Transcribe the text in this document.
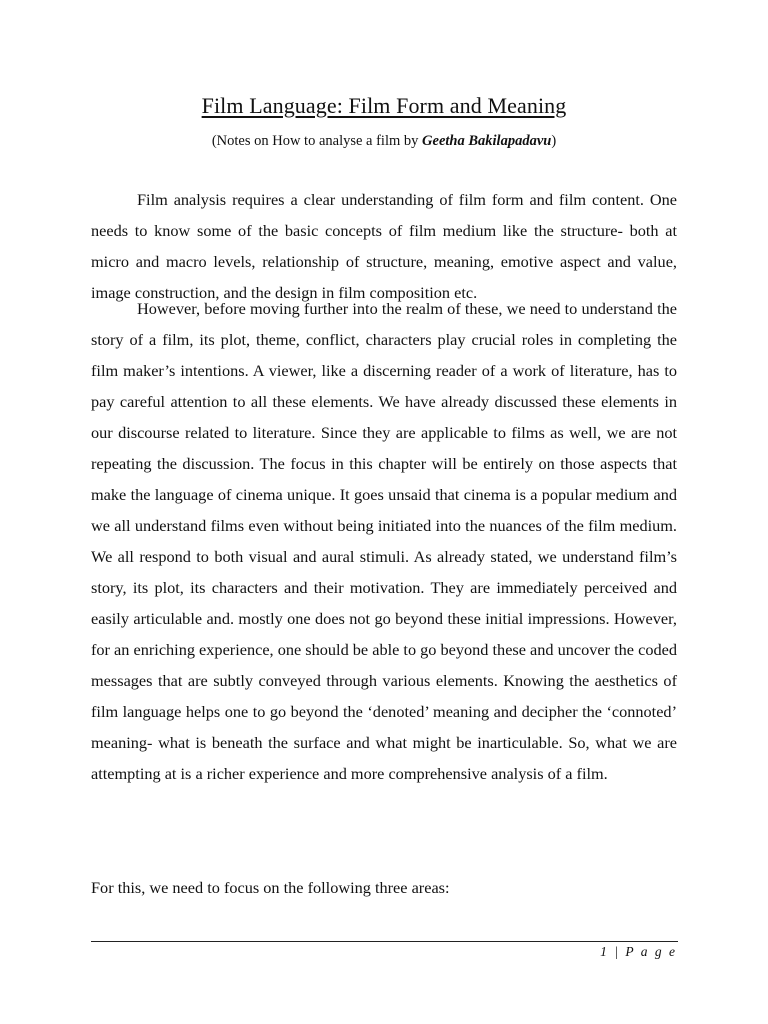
Film Language: Film Form and Meaning
(Notes on How to analyse a film by Geetha Bakilapadavu)

Film analysis requires a clear understanding of film form and film content. One needs to know some of the basic concepts of film medium like the structure- both at micro and macro levels, relationship of structure, meaning, emotive aspect and value, image construction, and the design in film composition etc.

However, before moving further into the realm of these, we need to understand the story of a film, its plot, theme, conflict, characters play crucial roles in completing the film maker’s intentions. A viewer, like a discerning reader of a work of literature, has to pay careful attention to all these elements. We have already discussed these elements in our discourse related to literature. Since they are applicable to films as well, we are not repeating the discussion. The focus in this chapter will be entirely on those aspects that make the language of cinema unique. It goes unsaid that cinema is a popular medium and we all understand films even without being initiated into the nuances of the film medium. We all respond to both visual and aural stimuli. As already stated, we understand film’s story, its plot, its characters and their motivation. They are immediately perceived and easily articulable and. mostly one does not go beyond these initial impressions. However, for an enriching experience, one should be able to go beyond these and uncover the coded messages that are subtly conveyed through various elements. Knowing the aesthetics of film language helps one to go beyond the ‘denoted’ meaning and decipher the ‘connoted’ meaning- what is beneath the surface and what might be inarticulable. So, what we are attempting at is a richer experience and more comprehensive analysis of a film.

For this, we need to focus on the following three areas:

1 | P a g e
